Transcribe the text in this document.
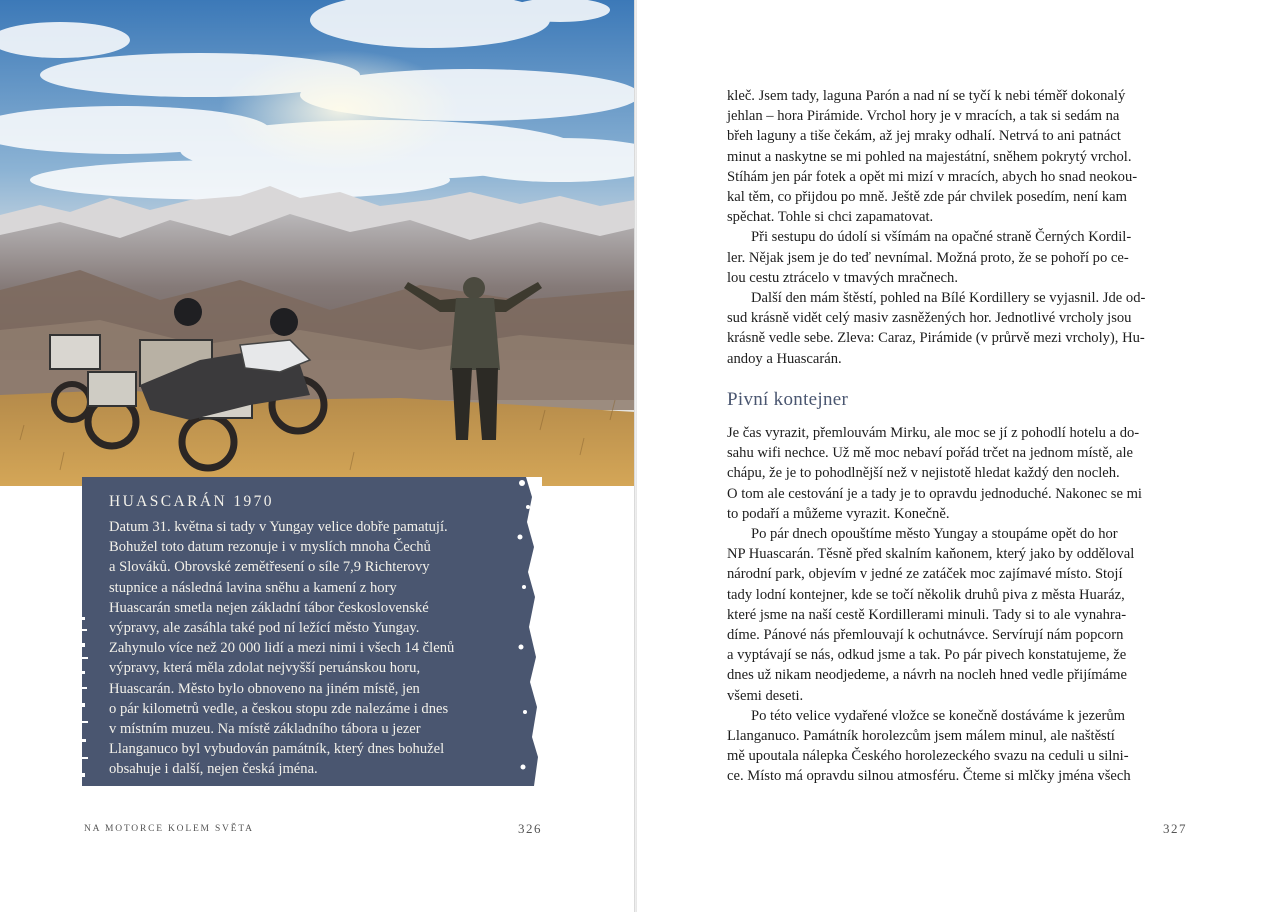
HUASCARÁN 1970

Datum 31. května si tady v Yungay velice dobře pamatují.
Bohužel toto datum rezonuje i v myslích mnoha Čechů
a Slováků. Obrovské zemětřesení o síle 7,9 Richterovy
stupnice a následná lavina sněhu a kamení z hory
Huascarán smetla nejen základní tábor československé
výpravy, ale zasáhla také pod ní ležící město Yungay.
Zahynulo více než 20 000 lidí a mezi nimi i všech 14 členů
výpravy, která měla zdolat nejvyšší peruánskou horu,
Huascarán. Město bylo obnoveno na jiném místě, jen
o pár kilometrů vedle, a českou stopu zde nalezáme i dnes
v místním muzeu. Na místě základního tábora u jezer
Llanganuco byl vybudován památník, který dnes bohužel
obsahuje i další, nejen česká jména.

NA MOTORCE KOLEM SVĚTA	326

kleč. Jsem tady, laguna Parón a nad ní se tyčí k nebi téměř dokonalý
jehlan – hora Pirámide. Vrchol hory je v mracích, a tak si sedám na
břeh laguny a tiše čekám, až jej mraky odhalí. Netrvá to ani patnáct
minut a naskytne se mi pohled na majestátní, sněhem pokrytý vrchol.
Stíhám jen pár fotek a opět mi mizí v mracích, abych ho snad neokou-
kal těm, co přijdou po mně. Ještě zde pár chvilek posedím, není kam
spěchat. Tohle si chci zapamatovat.
Při sestupu do údolí si všímám na opačné straně Černých Kordil-
ler. Nějak jsem je do teď nevnímal. Možná proto, že se pohoří po ce-
lou cestu ztrácelo v tmavých mračnech.
Další den mám štěstí, pohled na Bílé Kordillery se vyjasnil. Jde od-
sud krásně vidět celý masiv zasněžených hor. Jednotlivé vrcholy jsou
krásně vedle sebe. Zleva: Caraz, Pirámide (v průrvě mezi vrcholy), Hu-
andoy a Huascarán.

Pivní kontejner

Je čas vyrazit, přemlouvám Mirku, ale moc se jí z pohodlí hotelu a do-
sahu wifi nechce. Už mě moc nebaví pořád trčet na jednom místě, ale
chápu, že je to pohodlnější než v nejistotě hledat každý den nocleh.
O tom ale cestování je a tady je to opravdu jednoduché. Nakonec se mi
to podaří a můžeme vyrazit. Konečně.
Po pár dnech opouštíme město Yungay a stoupáme opět do hor
NP Huascarán. Těsně před skalním kaňonem, který jako by odděloval
národní park, objevím v jedné ze zatáček moc zajímavé místo. Stojí
tady lodní kontejner, kde se točí několik druhů piva z města Huaráz,
které jsme na naší cestě Kordillerami minuli. Tady si to ale vynahra-
díme. Pánové nás přemlouvají k ochutnávce. Servírují nám popcorn
a vyptávají se nás, odkud jsme a tak. Po pár pivech konstatujeme, že
dnes už nikam neodjedeme, a návrh na nocleh hned vedle přijímáme
všemi deseti.
Po této velice vydařené vložce se konečně dostáváme k jezerům
Llanganuco. Památník horolezcům jsem málem minul, ale naštěstí
mě upoutala nálepka Českého horolezeckého svazu na ceduli u silni-
ce. Místo má opravdu silnou atmosféru. Čteme si mlčky jména všech

327
